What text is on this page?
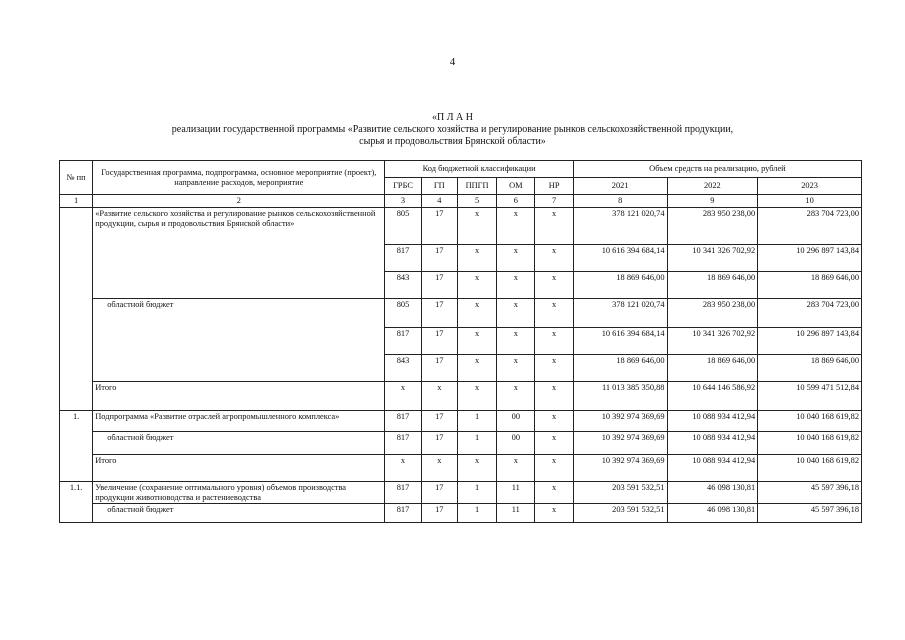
4
«П Л А Н
реализации государственной программы «Развитие сельского хозяйства и регулирование рынков сельскохозяйственной продукции,
сырья и продовольствия Брянской области»
№ пп	Государственная программа, подпрограмма, основное мероприятие (проект), направление расходов, мероприятие	Код бюджетной классификации					Объем средств на реализацию, рублей		
		ГРБС	ГП	ППГП	ОМ	НР	2021	2022	2023
1	2	3	4	5	6	7	8	9	10
	«Развитие сельского хозяйства и регулирование рынков сельскохозяйственной продукции, сырья и продовольствия Брянской области»	805	17	х	х	х	378 121 020,74	283 950 238,00	283 704 723,00
		817	17	х	х	х	10 616 394 684,14	10 341 326 702,92	10 296 897 143,84
		843	17	х	х	х	18 869 646,00	18 869 646,00	18 869 646,00
	областной бюджет	805	17	х	х	х	378 121 020,74	283 950 238,00	283 704 723,00
		817	17	х	х	х	10 616 394 684,14	10 341 326 702,92	10 296 897 143,84
		843	17	х	х	х	18 869 646,00	18 869 646,00	18 869 646,00
	Итого	х	х	х	х	х	11 013 385 350,88	10 644 146 586,92	10 599 471 512,84
1.	Подпрограмма «Развитие отраслей агропромышленного комплекса»	817	17	1	00	х	10 392 974 369,69	10 088 934 412,94	10 040 168 619,82
	областной бюджет	817	17	1	00	х	10 392 974 369,69	10 088 934 412,94	10 040 168 619,82
	Итого	х	х	х	х	х	10 392 974 369,69	10 088 934 412,94	10 040 168 619,82
1.1.	Увеличение (сохранение оптимального уровня) объемов производства продукции животноводства и растениеводства	817	17	1	11	х	203 591 532,51	46 098 130,81	45 597 396,18
	областной бюджет	817	17	1	11	х	203 591 532,51	46 098 130,81	45 597 396,18
